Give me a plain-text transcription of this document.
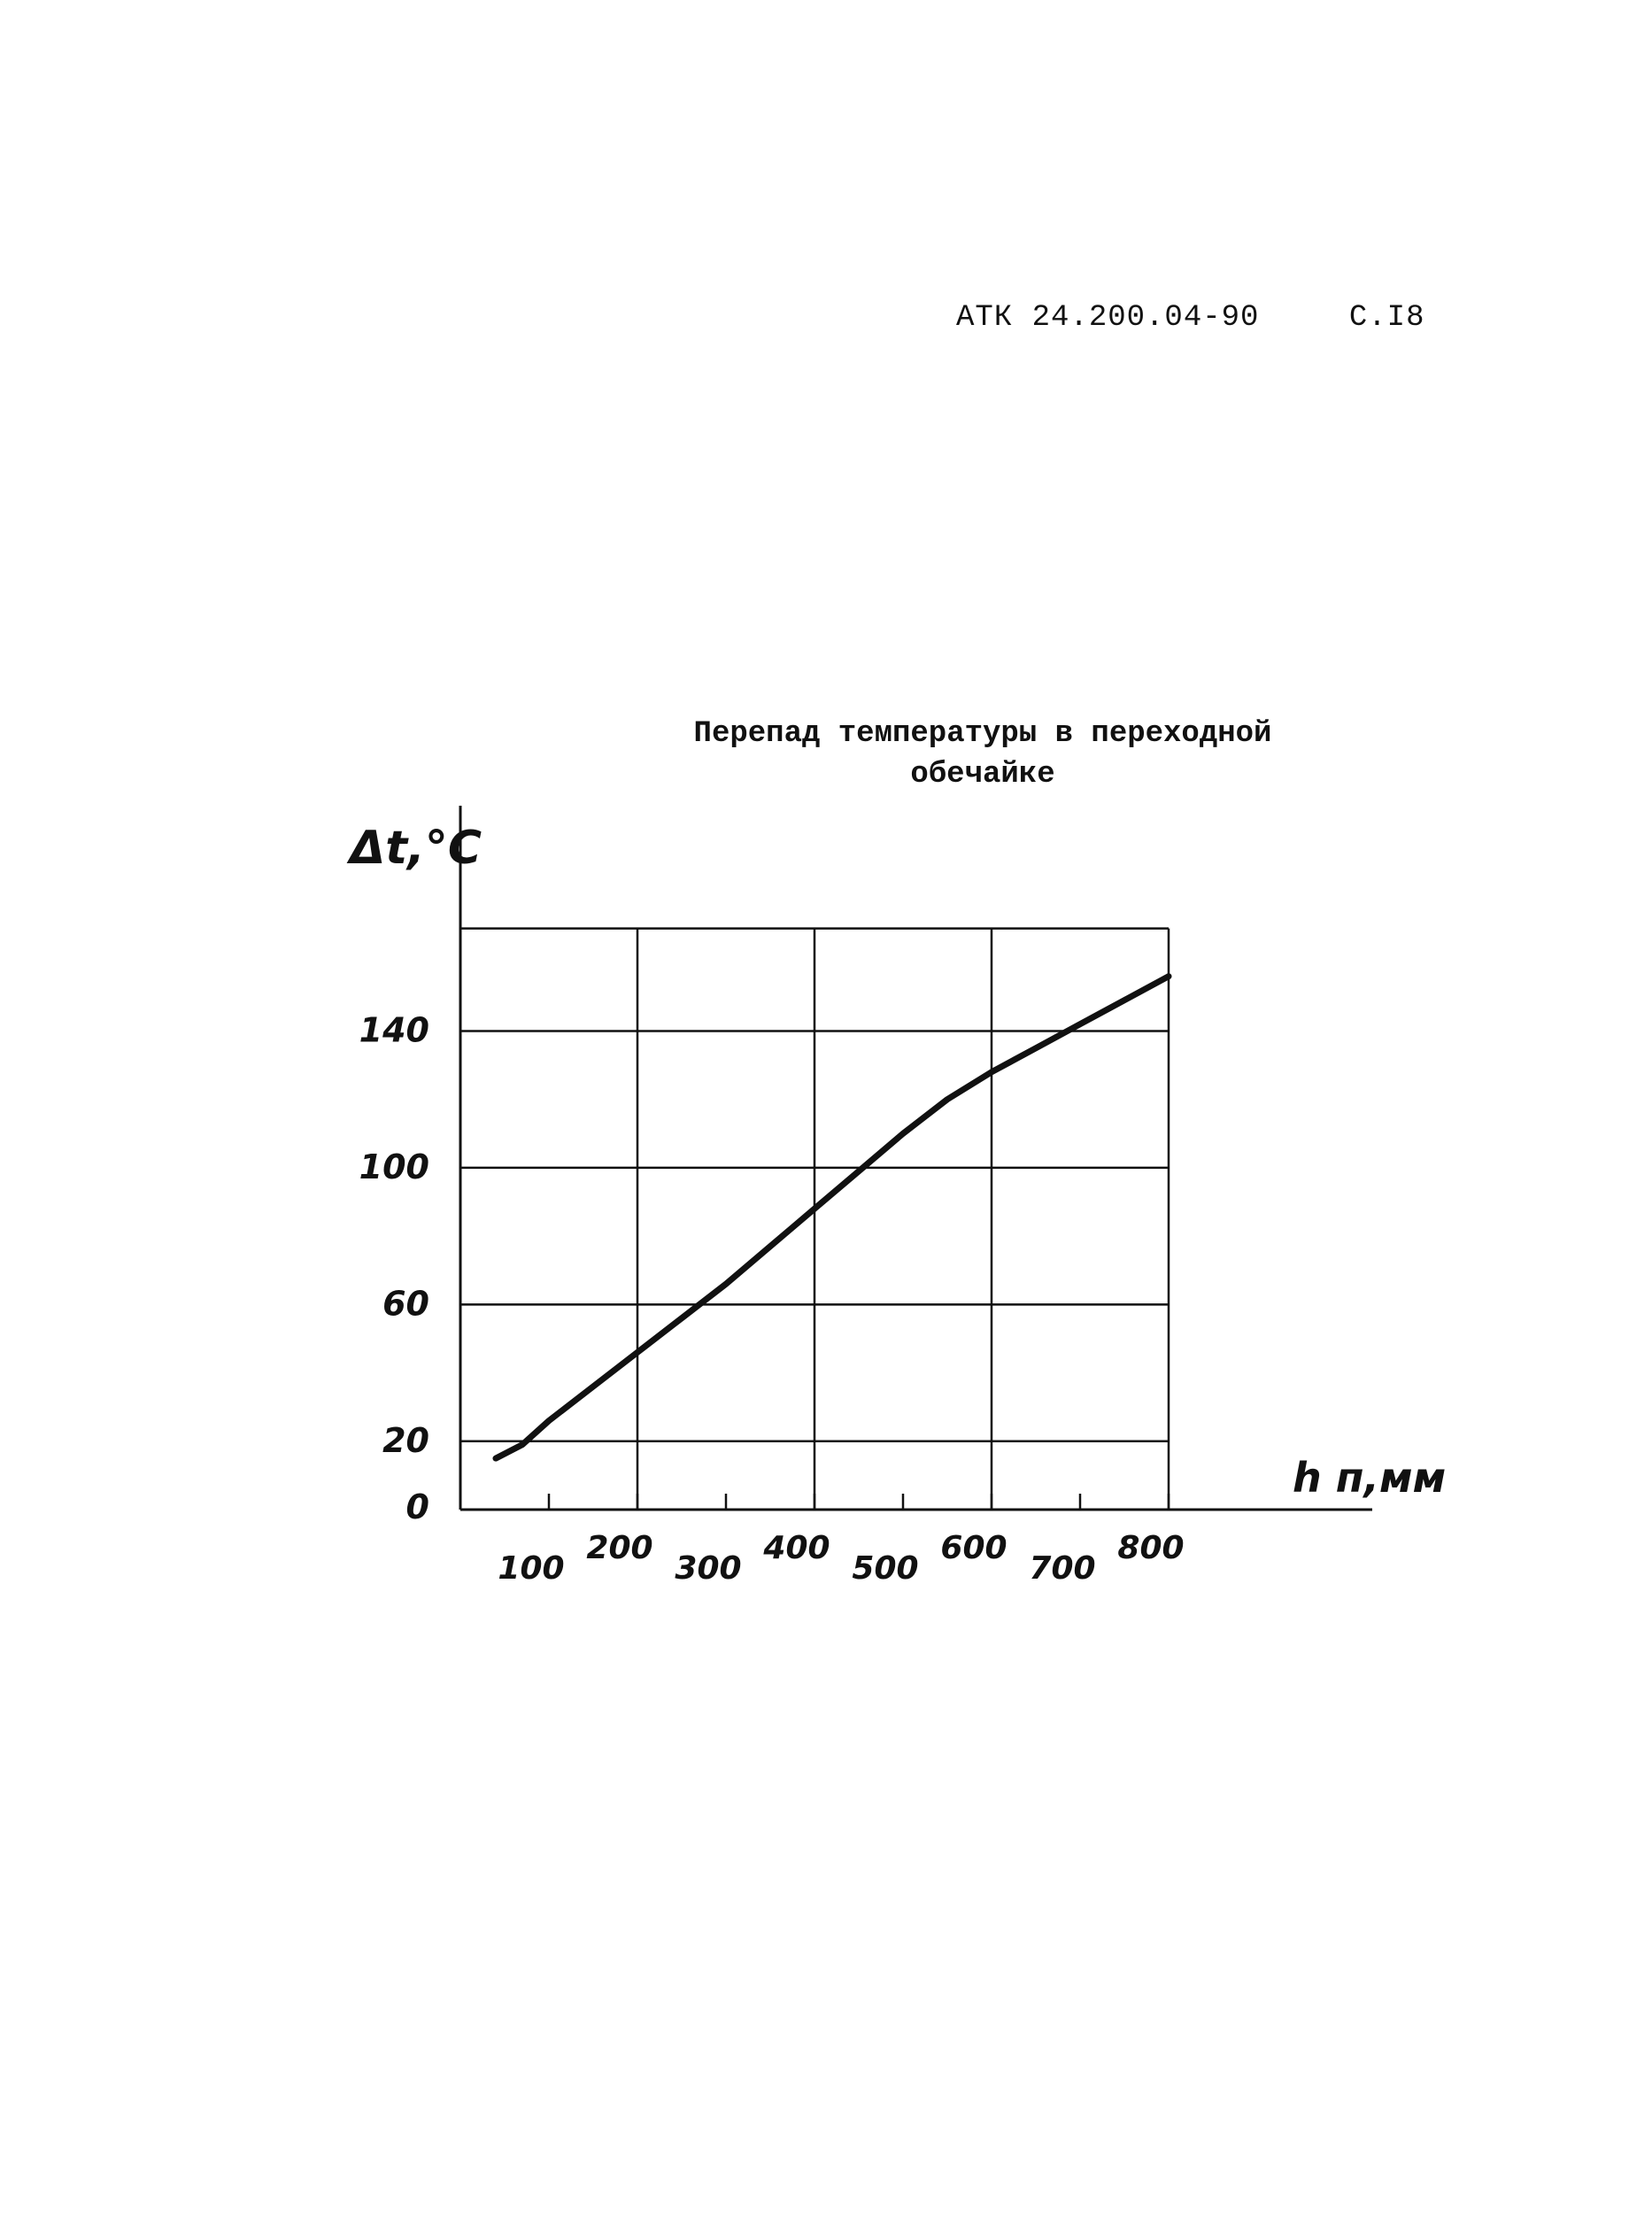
АТК 24.200.04-90	С.I8
Перепад температуры в переходной
обечайке
100
200
300
400
500
600
700
800
0
20
60
100
140
Δt,°C
h п,мм
